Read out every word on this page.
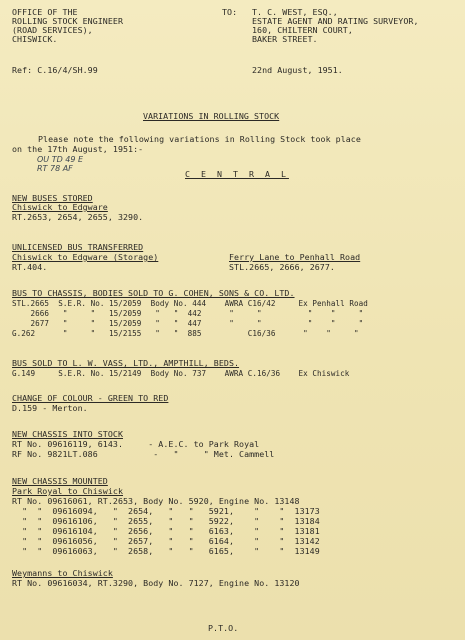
OFFICE OF THE
ROLLING STOCK ENGINEER
(ROAD SERVICES),
CHISWICK.
TO: T. C. WEST, ESQ.,
ESTATE AGENT AND RATING SURVEYOR,
160, CHILTERN COURT,
BAKER STREET.
Ref: C.16/4/SH.99	22nd August, 1951.
VARIATIONS IN ROLLING STOCK
Please note the following variations in Rolling Stock took place
on the 17th August, 1951:-
OU TD 49 E
RT 78 AF
C E N T R A L
NEW BUSES STORED
Chiswick to Edgware
RT.2653, 2654, 2655, 3290.
UNLICENSED BUS TRANSFERRED
Chiswick to Edgware (Storage)	Ferry Lane to Penhall Road
RT.404.	STL.2665, 2666, 2677.
BUS TO CHASSIS, BODIES SOLD TO G. COHEN, SONS & CO. LTD.
STL.2665  S.E.R. No. 15/2059  Body No. 444    AWRA C16/42     Ex Penhall Road
2666   "     "   15/2059   "   "  442      "     "          "    "     "
2677   "     "   15/2059   "   "  447      "     "          "    "     "
G.262      "     "   15/2155   "   "  885          C16/36      "    "     "
BUS SOLD TO L. W. VASS, LTD., AMPTHILL, BEDS.
G.149     S.E.R. No. 15/2149  Body No. 737    AWRA C.16/36    Ex Chiswick
CHANGE OF COLOUR - GREEN TO RED
D.159 - Merton.
NEW CHASSIS INTO STOCK
RT No. 09616119, 6143.     - A.E.C. to Park Royal
RF No. 9821LT.086           -   "     " Met. Cammell
NEW CHASSIS MOUNTED
Park Royal to Chiswick
RT No. 09616061, RT.2653, Body No. 5920, Engine No. 13148
"  "  09616094,   "  2654,   "   "   5921,    "    "  13173
"  "  09616106,   "  2655,   "   "   5922,    "    "  13184
"  "  09616104,   "  2656,   "   "   6163,    "    "  13181
"  "  09616056,   "  2657,   "   "   6164,    "    "  13142
"  "  09616063,   "  2658,   "   "   6165,    "    "  13149
Weymanns to Chiswick
RT No. 09616034, RT.3290, Body No. 7127, Engine No. 13120
P.T.O.
